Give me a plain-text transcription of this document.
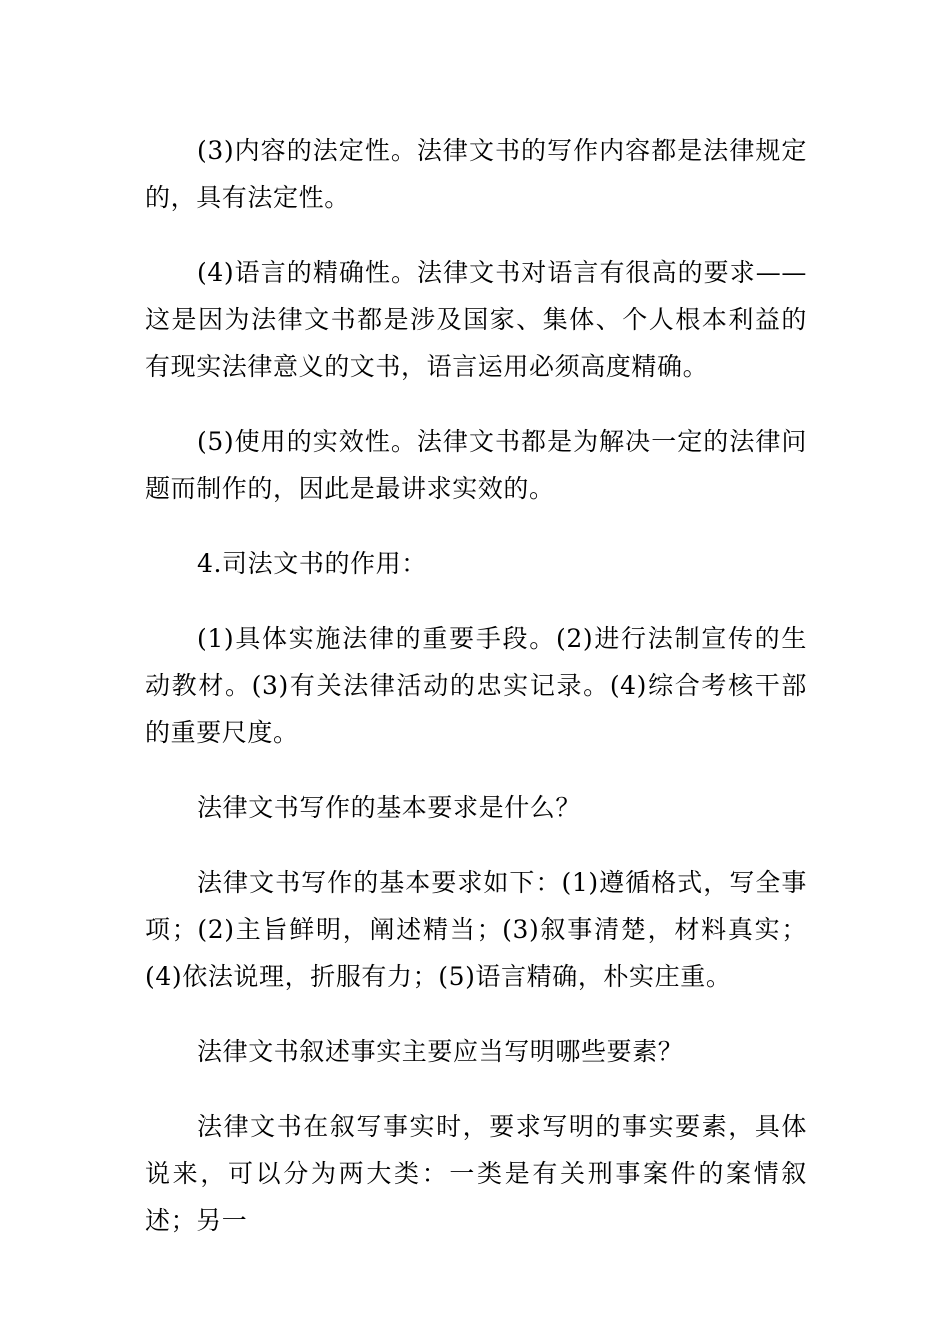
(3)内容的法定性。法律文书的写作内容都是法律规定的，具有法定性。

(4)语言的精确性。法律文书对语言有很高的要求——这是因为法律文书都是涉及国家、集体、个人根本利益的有现实法律意义的文书，语言运用必须高度精确。

(5)使用的实效性。法律文书都是为解决一定的法律问题而制作的，因此是最讲求实效的。

4.司法文书的作用：

(1)具体实施法律的重要手段。(2)进行法制宣传的生动教材。(3)有关法律活动的忠实记录。(4)综合考核干部的重要尺度。

法律文书写作的基本要求是什么？

法律文书写作的基本要求如下：(1)遵循格式，写全事项；(2)主旨鲜明，阐述精当；(3)叙事清楚，材料真实；(4)依法说理，折服有力；(5)语言精确，朴实庄重。

法律文书叙述事实主要应当写明哪些要素？

法律文书在叙写事实时，要求写明的事实要素，具体说来，可以分为两大类：一类是有关刑事案件的案情叙述；另一
